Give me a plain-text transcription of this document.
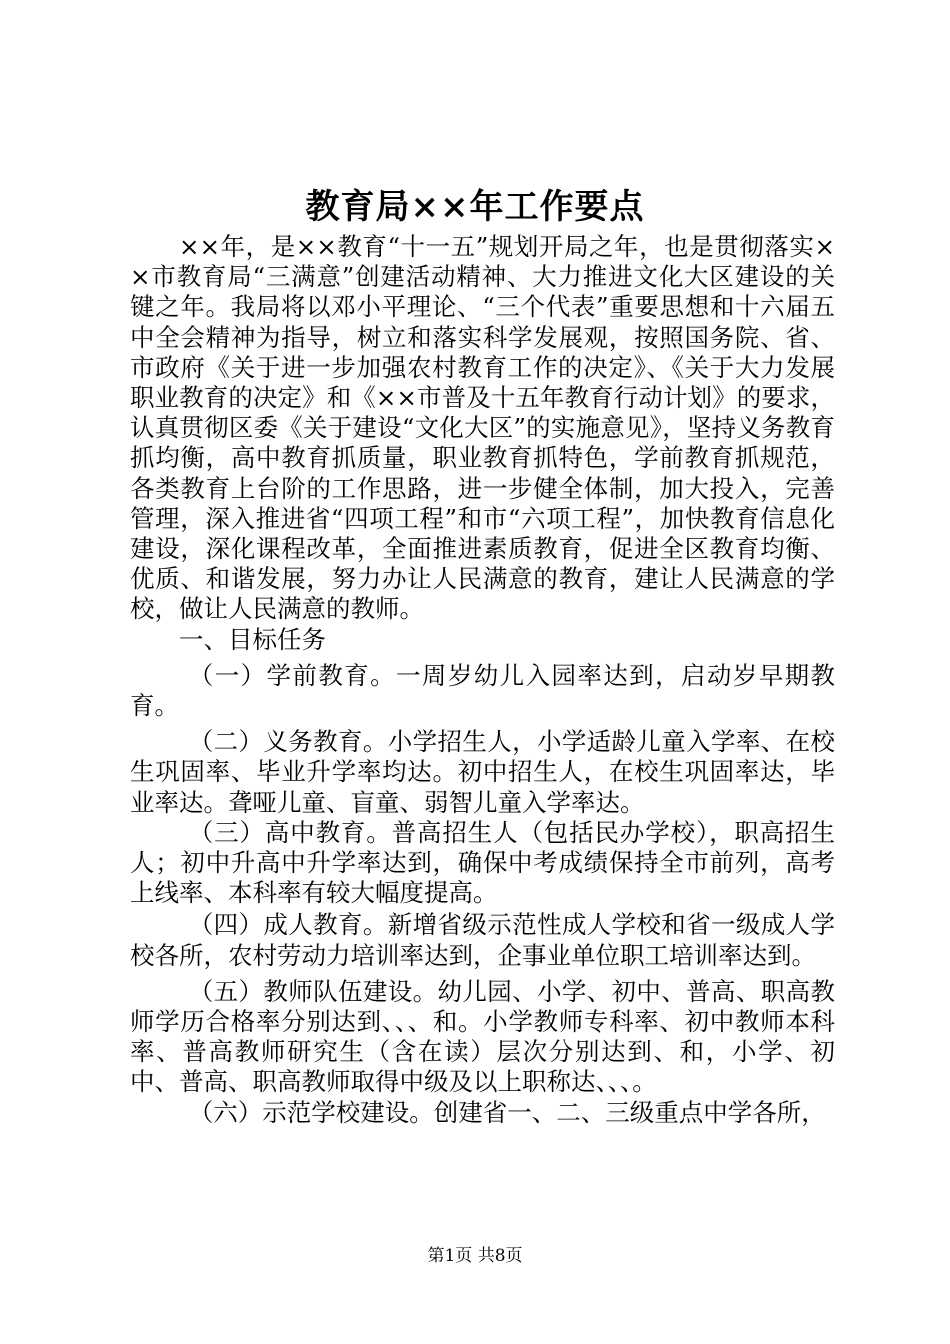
教育局××年工作要点

××年，是××教育“十一五”规划开局之年，也是贯彻落实××市教育局“三满意”创建活动精神、大力推进文化大区建设的关键之年。我局将以邓小平理论、“三个代表”重要思想和十六届五中全会精神为指导，树立和落实科学发展观，按照国务院、省、市政府《关于进一步加强农村教育工作的决定》、《关于大力发展职业教育的决定》和《××市普及十五年教育行动计划》的要求，认真贯彻区委《关于建设“文化大区”的实施意见》，坚持义务教育抓均衡，高中教育抓质量，职业教育抓特色，学前教育抓规范，各类教育上台阶的工作思路，进一步健全体制，加大投入，完善管理，深入推进省“四项工程”和市“六项工程”，加快教育信息化建设，深化课程改革，全面推进素质教育，促进全区教育均衡、优质、和谐发展，努力办让人民满意的教育，建让人民满意的学校，做让人民满意的教师。

一、目标任务

（一）学前教育。一周岁幼儿入园率达到，启动岁早期教育。

（二）义务教育。小学招生人，小学适龄儿童入学率、在校生巩固率、毕业升学率均达。初中招生人，在校生巩固率达，毕业率达。聋哑儿童、盲童、弱智儿童入学率达。

（三）高中教育。普高招生人（包括民办学校），职高招生人；初中升高中升学率达到，确保中考成绩保持全市前列，高考上线率、本科率有较大幅度提高。

（四）成人教育。新增省级示范性成人学校和省一级成人学校各所，农村劳动力培训率达到，企事业单位职工培训率达到。

（五）教师队伍建设。幼儿园、小学、初中、普高、职高教师学历合格率分别达到、、、和。小学教师专科率、初中教师本科率、普高教师研究生（含在读）层次分别达到、和，小学、初中、普高、职高教师取得中级及以上职称达、、、。

（六）示范学校建设。创建省一、二、三级重点中学各所，

第1页 共8页
